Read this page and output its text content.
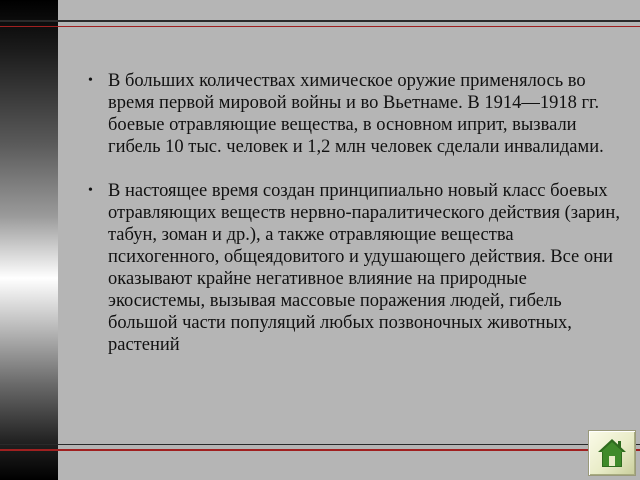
• В больших количествах химическое оружие применялось во время первой мировой войны и во Вьетнаме. В 1914—1918 гг. боевые отравляющие вещества, в основном иприт, вызвали гибель 10 тыс. человек и 1,2 млн человек сделали инвалидами.
• В настоящее время создан принципиально новый класс боевых отравляющих веществ нервно-паралитического действия (зарин, табун, зоман и др.), а также отравляющие вещества психогенного, общеядовитого и удушающего действия. Все они оказывают крайне негативное влияние на природные экосистемы, вызывая массовые поражения людей, гибель большой части популяций любых позвоночных животных, растений
